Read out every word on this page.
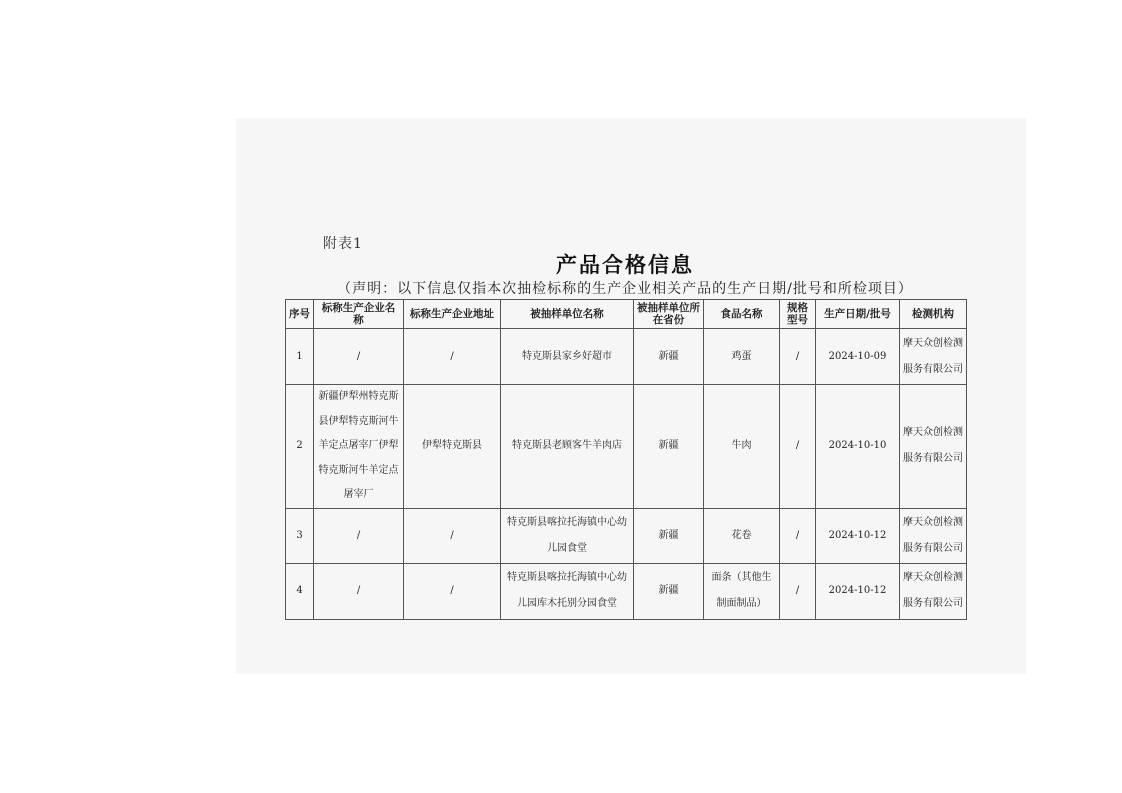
附表1
产品合格信息
（声明：以下信息仅指本次抽检标称的生产企业相关产品的生产日期/批号和所检项目）
序号	标称生产企业名称	标称生产企业地址	被抽样单位名称	被抽样单位所在省份	食品名称	规格型号	生产日期/批号	检测机构
1	/	/	特克斯县家乡好超市	新疆	鸡蛋	/	2024-10-09	摩天众创检测服务有限公司
2	新疆伊犁州特克斯县伊犁特克斯河牛羊定点屠宰厂伊犁特克斯河牛羊定点屠宰厂	伊犁特克斯县	特克斯县老顾客牛羊肉店	新疆	牛肉	/	2024-10-10	摩天众创检测服务有限公司
3	/	/	特克斯县喀拉托海镇中心幼儿园食堂	新疆	花卷	/	2024-10-12	摩天众创检测服务有限公司
4	/	/	特克斯县喀拉托海镇中心幼儿园库木托别分园食堂	新疆	面条（其他生制面制品）	/	2024-10-12	摩天众创检测服务有限公司
